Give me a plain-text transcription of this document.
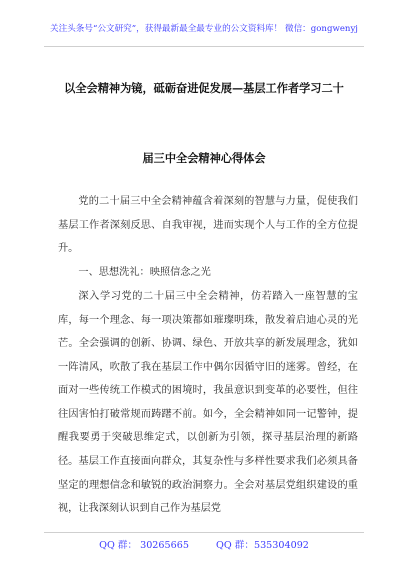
关注头条号“公文研究”，获得最新最全最专业的公文资料库！ 微信：gongwenyj
以全会精神为镜，砥砺奋进促发展—基层工作者学习二十
届三中全会精神心得体会

党的二十届三中全会精神蕴含着深刻的智慧与力量，促使我们基层工作者深刻反思、自我审视，进而实现个人与工作的全方位提升。

一、思想洗礼：映照信念之光

深入学习党的二十届三中全会精神，仿若踏入一座智慧的宝库，每一个理念、每一项决策都如璀璨明珠，散发着启迪心灵的光芒。全会强调的创新、协调、绿色、开放共享的新发展理念，犹如一阵清风，吹散了我在基层工作中偶尔因循守旧的迷雾。曾经，在面对一些传统工作模式的困境时，我虽意识到变革的必要性，但往往因害怕打破常规而踌躇不前。如今，全会精神如同一记警钟，提醒我要勇于突破思维定式，以创新为引领，探寻基层治理的新路径。 基层工作直接面向群众，其复杂性与多样性要求我们必须具备坚定的理想信念和敏锐的政治洞察力。全会对基层党组织建设的重视，让我深刻认识到自己作为基层党

QQ 群： 30265665	QQ 群：535304092
